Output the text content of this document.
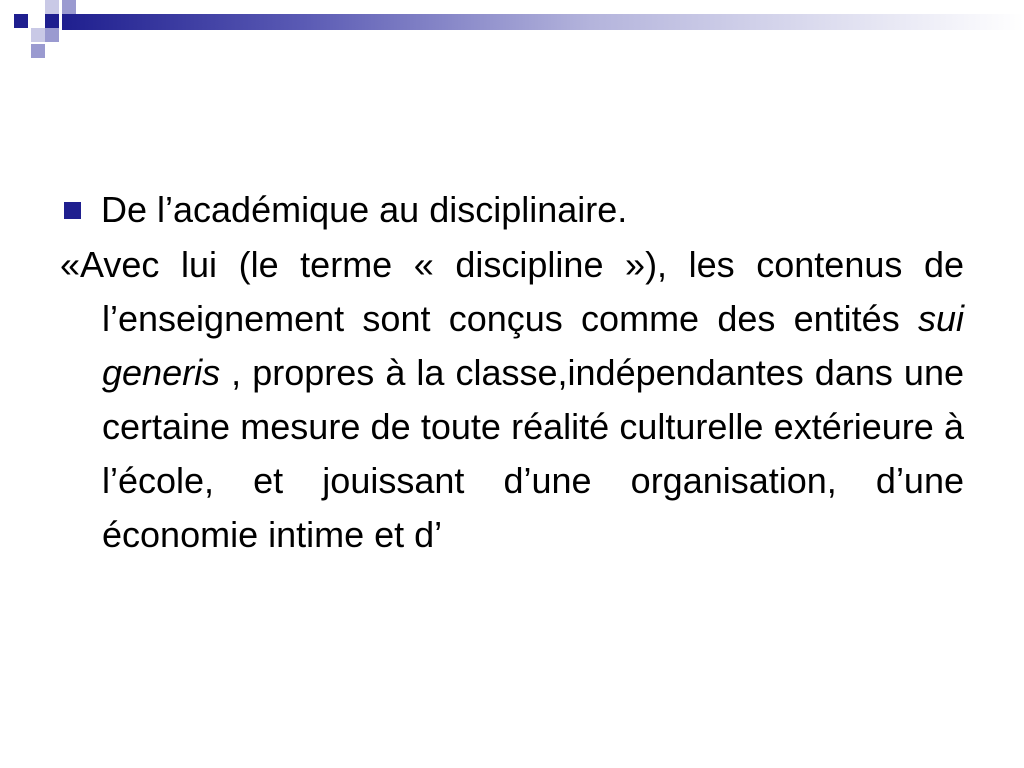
De l’académique au disciplinaire.

«Avec lui (le terme « discipline »), les contenus de l’enseignement sont conçus comme des entités sui generis , propres à la classe,indépendantes dans une certaine mesure de toute réalité culturelle extérieure à l’école, et jouissant d’une organisation, d’une économie intime et d’
